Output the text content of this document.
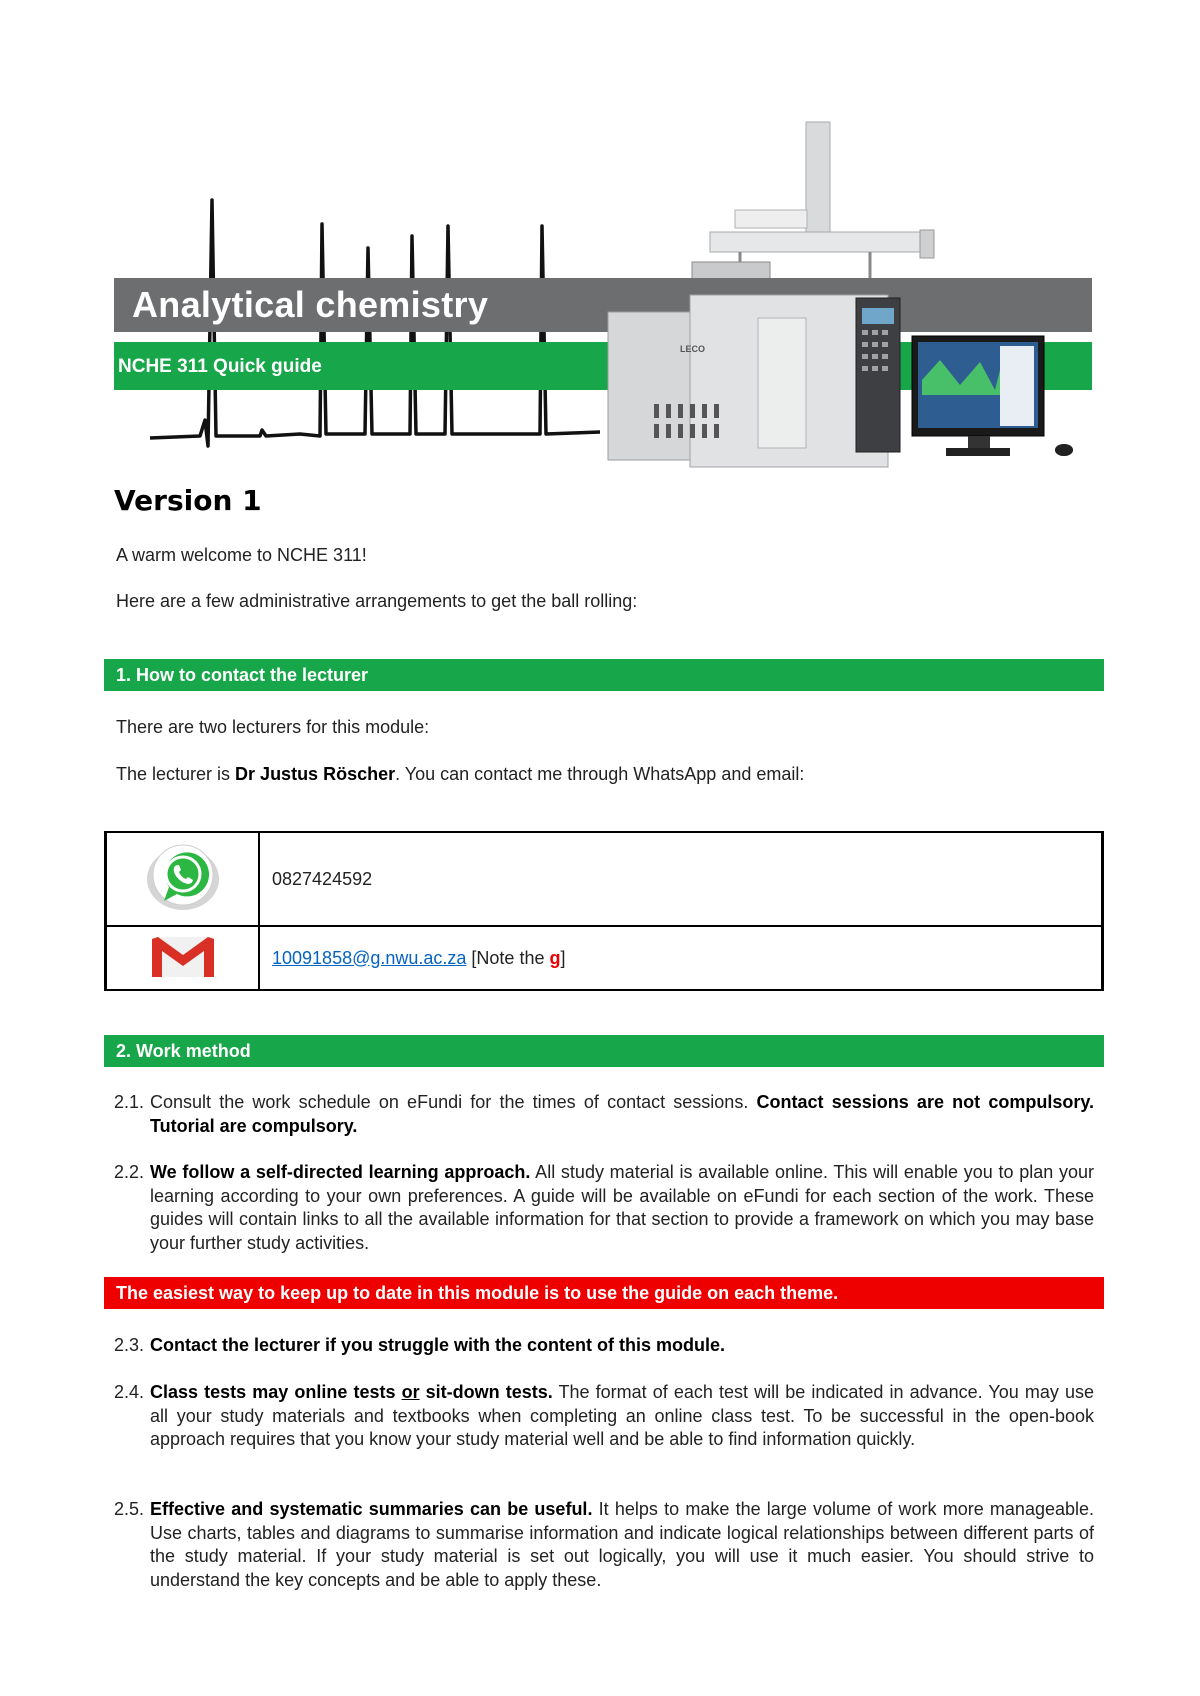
Analytical chemistry
NCHE 311 Quick guide
LECO
Version 1
A warm welcome to NCHE 311!
Here are a few administrative arrangements to get the ball rolling:
1. How to contact the lecturer
There are two lecturers for this module:
The lecturer is Dr Justus Röscher. You can contact me through WhatsApp and email:
	0827424592
	10091858@g.nwu.ac.za [Note the g]
2. Work method
2.1. Consult the work schedule on eFundi for the times of contact sessions. Contact sessions are not compulsory. Tutorial are compulsory.
2.2. We follow a self-directed learning approach. All study material is available online. This will enable you to plan your learning according to your own preferences. A guide will be available on eFundi for each section of the work. These guides will contain links to all the available information for that section to provide a framework on which you may base your further study activities.
The easiest way to keep up to date in this module is to use the guide on each theme.
2.3. Contact the lecturer if you struggle with the content of this module.
2.4. Class tests may online tests or sit-down tests. The format of each test will be indicated in advance. You may use all your study materials and textbooks when completing an online class test. To be successful in the open-book approach requires that you know your study material well and be able to find information quickly.
2.5. Effective and systematic summaries can be useful. It helps to make the large volume of work more manageable. Use charts, tables and diagrams to summarise information and indicate logical relationships between different parts of the study material. If your study material is set out logically, you will use it much easier. You should strive to understand the key concepts and be able to apply these.
